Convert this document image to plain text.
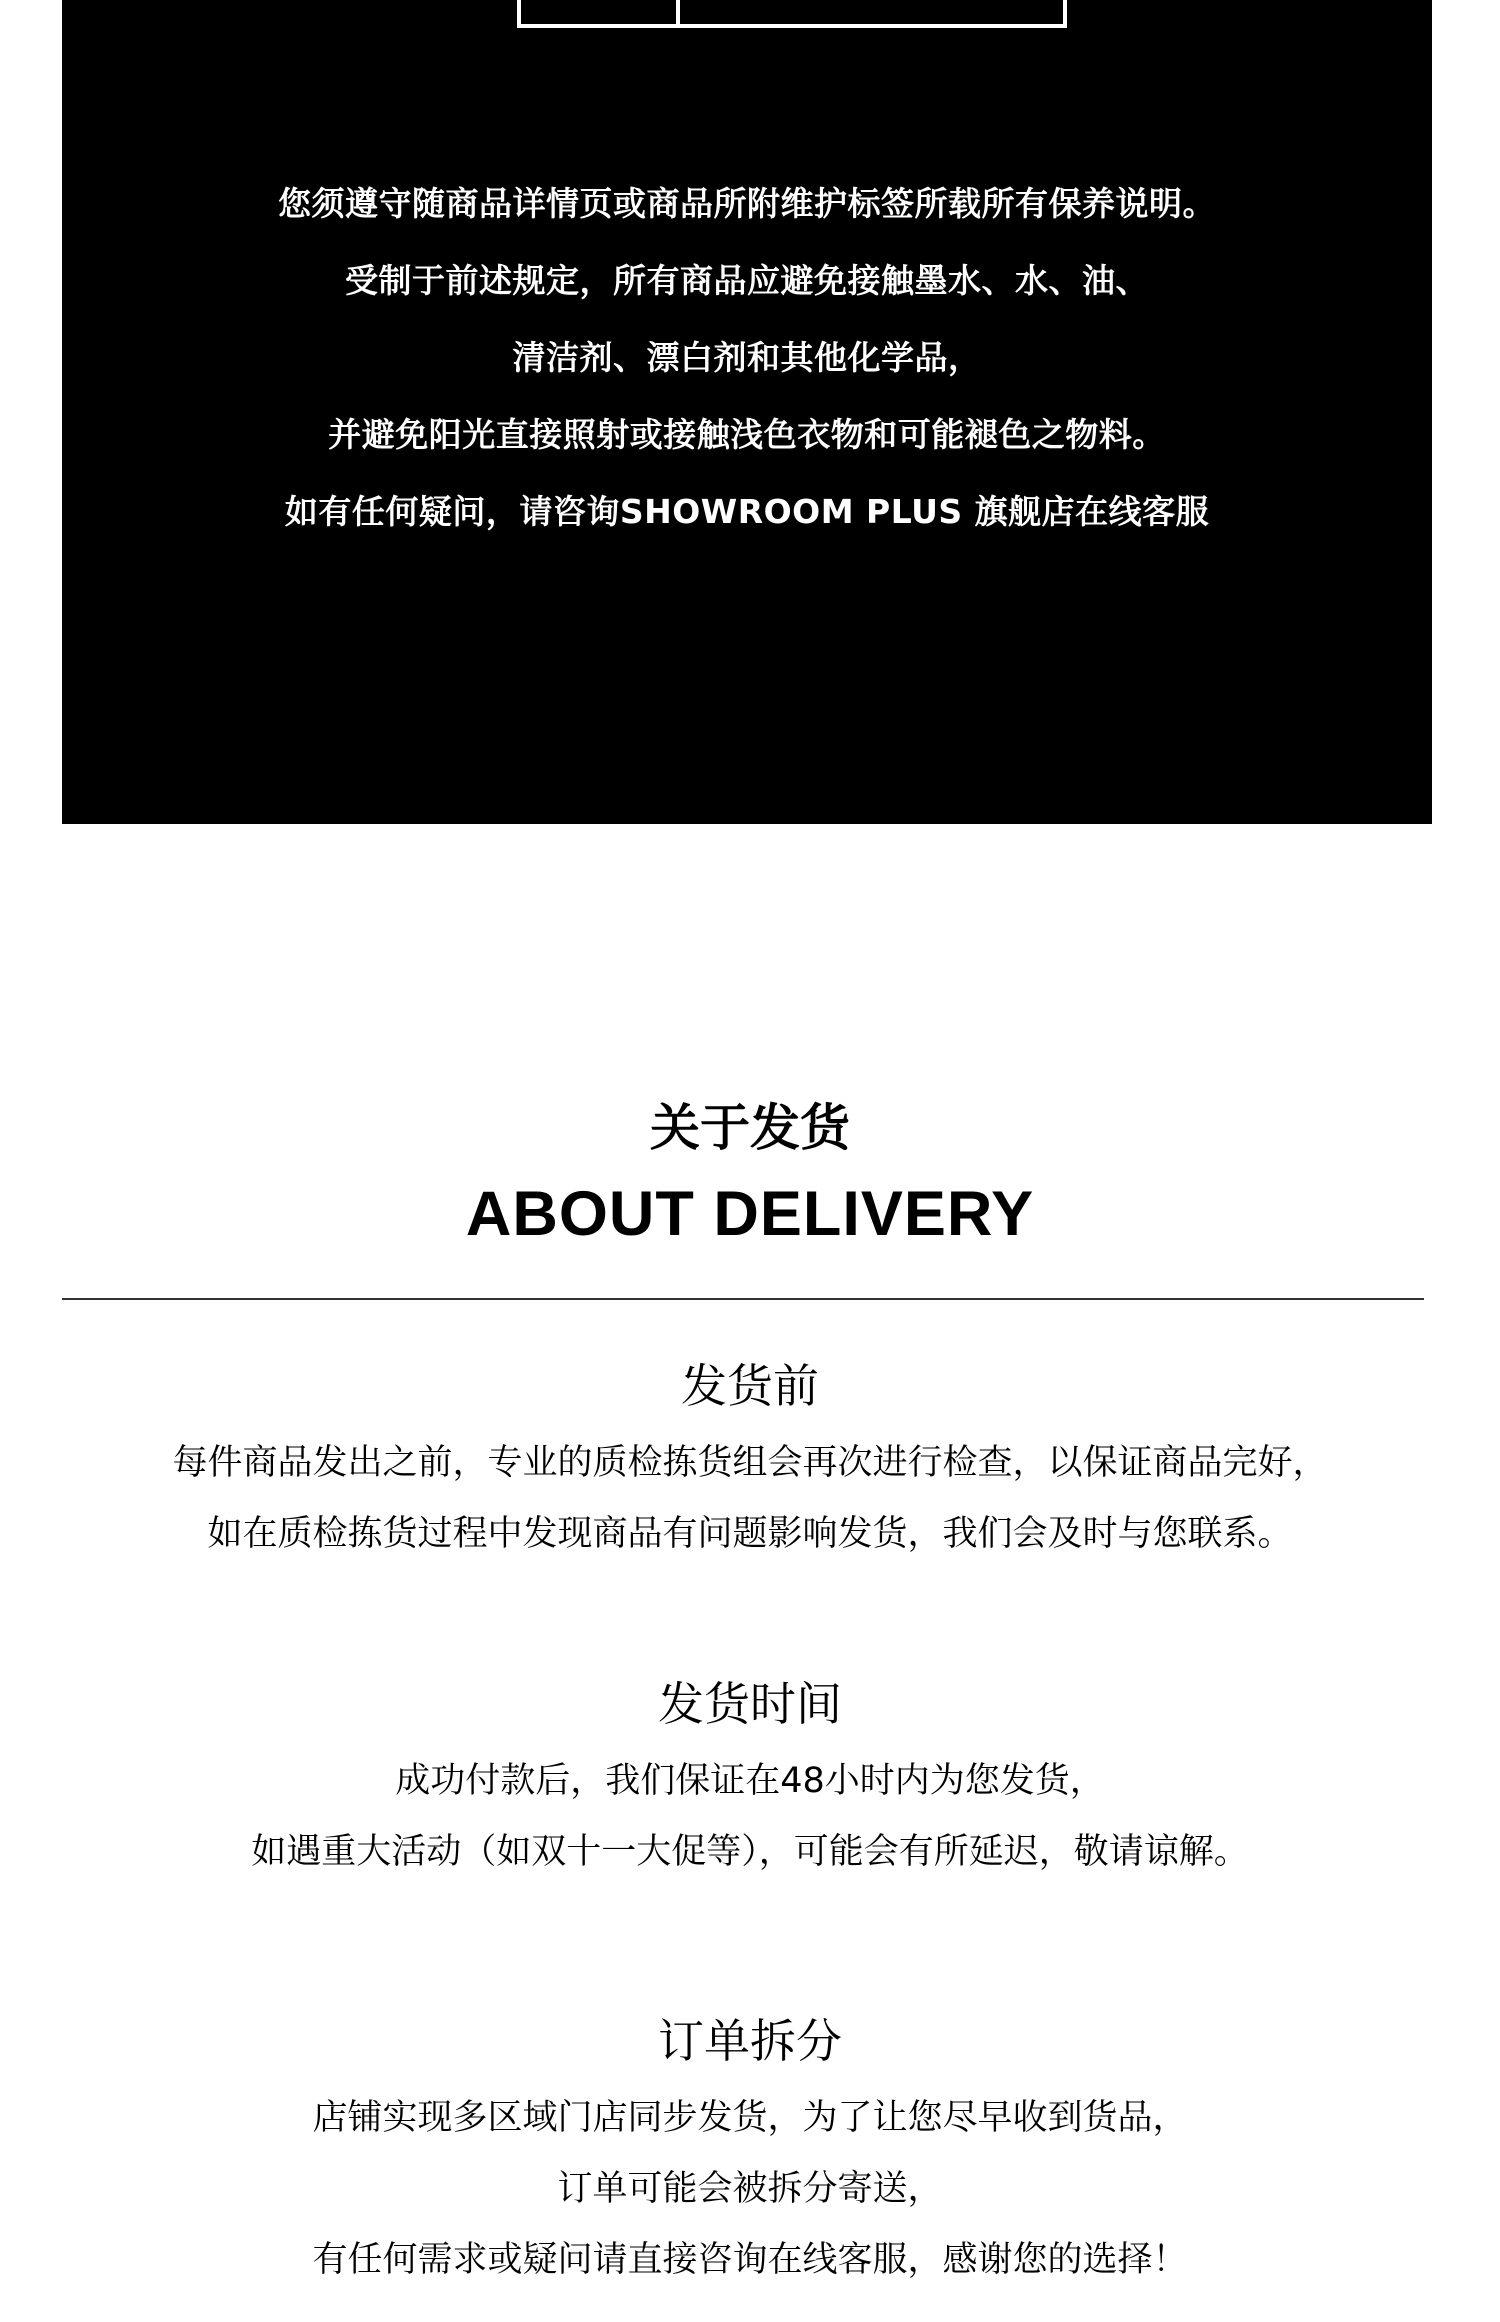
您须遵守随商品详情页或商品所附维护标签所载所有保养说明。
受制于前述规定，所有商品应避免接触墨水、水、油、
清洁剂、漂白剂和其他化学品，
并避免阳光直接照射或接触浅色衣物和可能褪色之物料。
如有任何疑问，请咨询SHOWROOM PLUS 旗舰店在线客服
关于发货
ABOUT DELIVERY
发货前
每件商品发出之前，专业的质检拣货组会再次进行检查，以保证商品完好，
如在质检拣货过程中发现商品有问题影响发货，我们会及时与您联系。
发货时间
成功付款后，我们保证在48小时内为您发货，
如遇重大活动（如双十一大促等），可能会有所延迟，敬请谅解。
订单拆分
店铺实现多区域门店同步发货，为了让您尽早收到货品，
订单可能会被拆分寄送，
有任何需求或疑问请直接咨询在线客服，感谢您的选择！
